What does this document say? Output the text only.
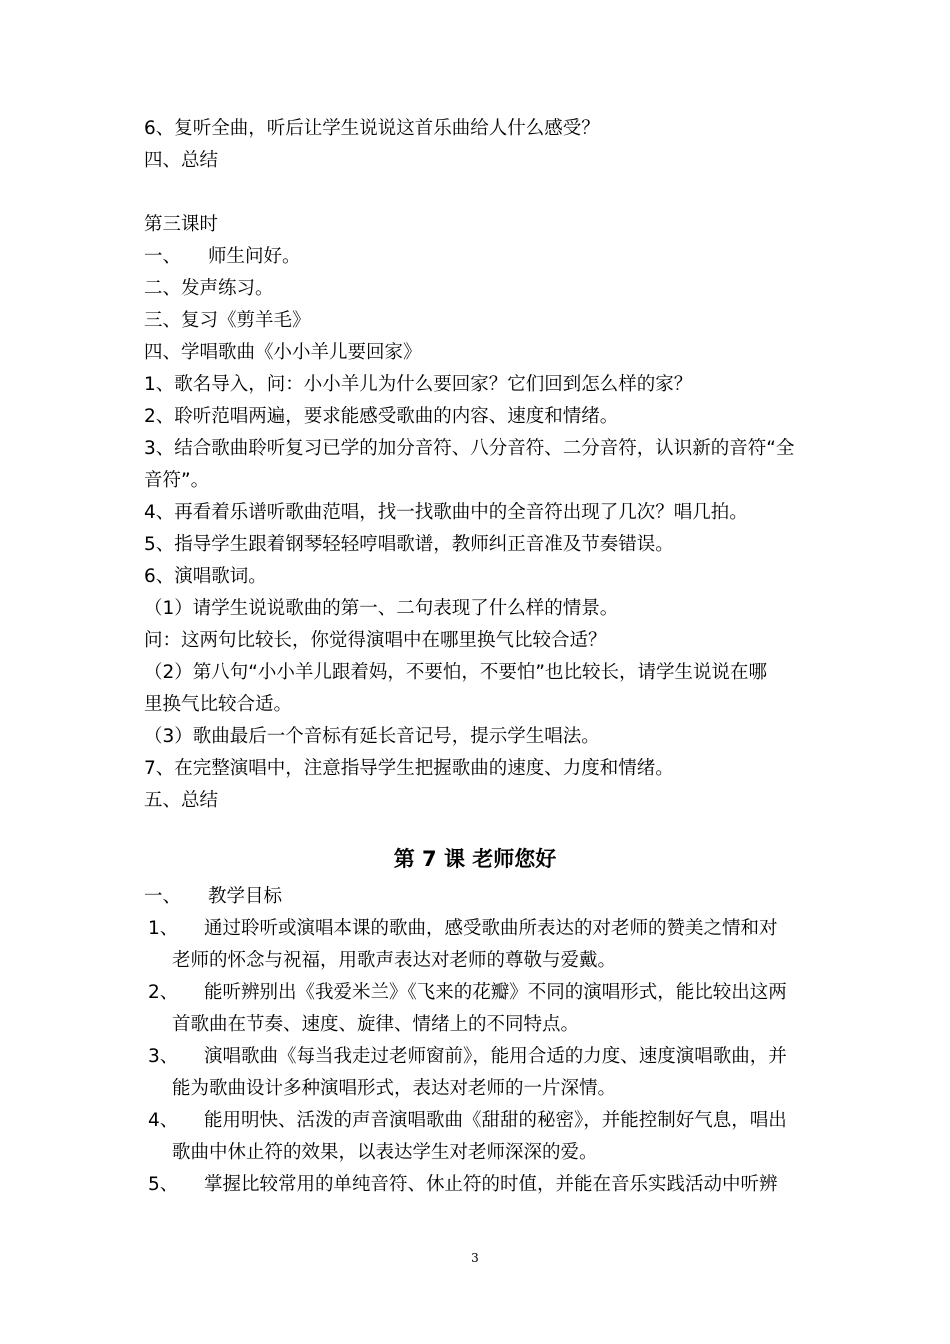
6、复听全曲，听后让学生说说这首乐曲给人什么感受？
四、总结
第三课时
一、 师生问好。
二、发声练习。
三、复习《剪羊毛》
四、学唱歌曲《小小羊儿要回家》
1、歌名导入，问：小小羊儿为什么要回家？它们回到怎么样的家？
2、聆听范唱两遍，要求能感受歌曲的内容、速度和情绪。
3、结合歌曲聆听复习已学的加分音符、八分音符、二分音符，认识新的音符“全
音符”。
4、再看着乐谱听歌曲范唱，找一找歌曲中的全音符出现了几次？唱几拍。
5、指导学生跟着钢琴轻轻哼唱歌谱，教师纠正音准及节奏错误。
6、演唱歌词。
（1）请学生说说歌曲的第一、二句表现了什么样的情景。
问：这两句比较长，你觉得演唱中在哪里换气比较合适？
（2）第八句“小小羊儿跟着妈，不要怕，不要怕”也比较长，请学生说说在哪
里换气比较合适。
（3）歌曲最后一个音标有延长音记号，提示学生唱法。
7、在完整演唱中，注意指导学生把握歌曲的速度、力度和情绪。
五、总结
第 7 课 老师您好
一、 教学目标
1、 通过聆听或演唱本课的歌曲，感受歌曲所表达的对老师的赞美之情和对
老师的怀念与祝福，用歌声表达对老师的尊敬与爱戴。
2、 能听辨别出《我爱米兰》《飞来的花瓣》不同的演唱形式，能比较出这两
首歌曲在节奏、速度、旋律、情绪上的不同特点。
3、 演唱歌曲《每当我走过老师窗前》，能用合适的力度、速度演唱歌曲，并
能为歌曲设计多种演唱形式，表达对老师的一片深情。
4、 能用明快、活泼的声音演唱歌曲《甜甜的秘密》，并能控制好气息，唱出
歌曲中休止符的效果，以表达学生对老师深深的爱。
5、 掌握比较常用的单纯音符、休止符的时值，并能在音乐实践活动中听辨
3
